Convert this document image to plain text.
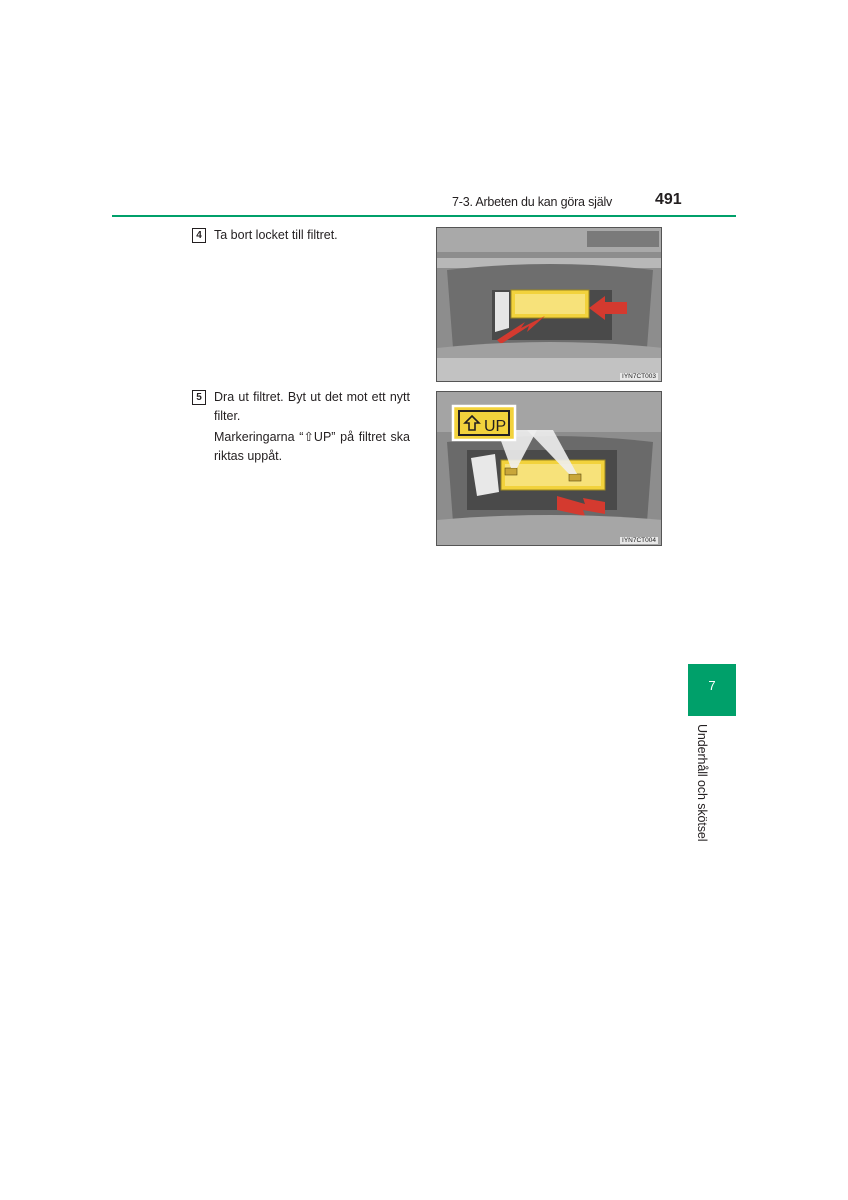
7-3. Arbeten du kan göra själv	491
4 Ta bort locket till filtret.
IYN7CT003
5 Dra ut filtret. Byt ut det mot ett nytt filter.
Markeringarna “⇧UP” på filtret ska riktas uppåt.
UP
IYN7CT004
7
Underhåll och skötsel
